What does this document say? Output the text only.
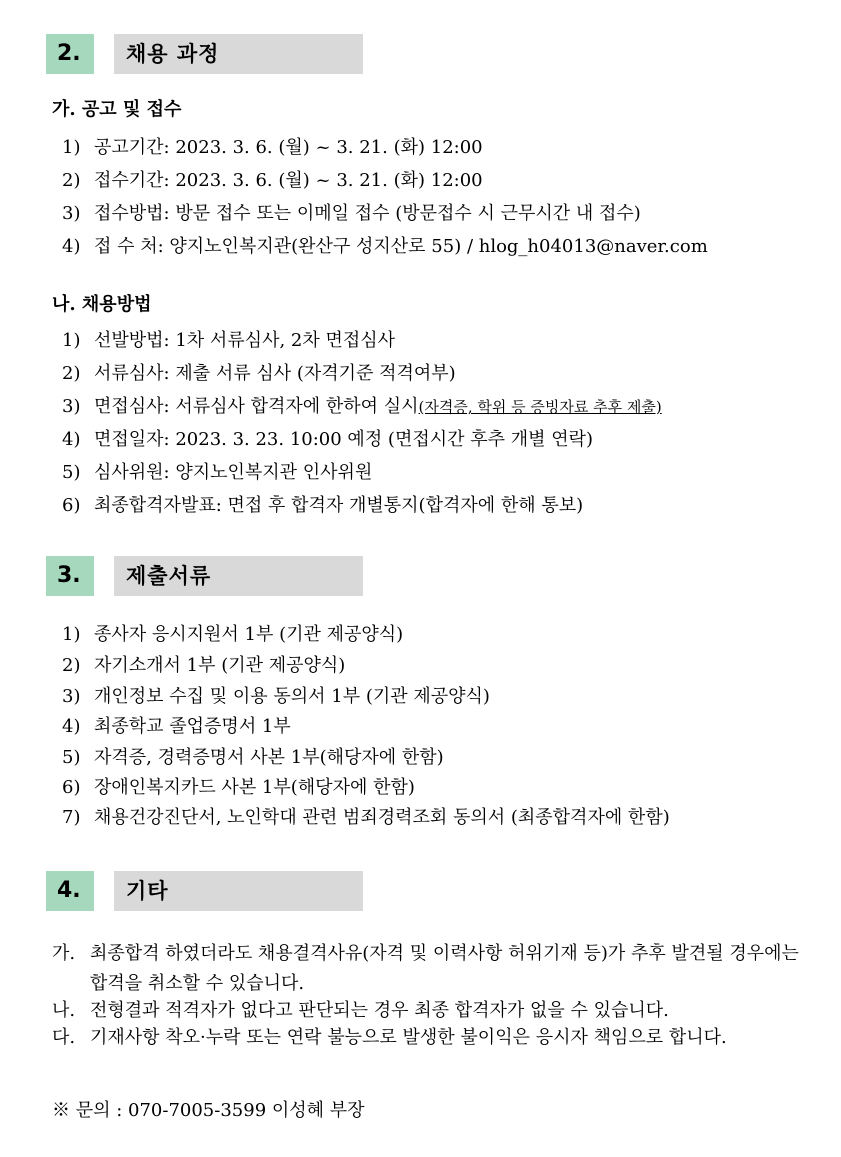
2.	채용 과정
가. 공고 및 접수
1) 공고기간: 2023. 3. 6. (월) ~ 3. 21. (화) 12:00
2) 접수기간: 2023. 3. 6. (월) ~ 3. 21. (화) 12:00
3) 접수방법: 방문 접수 또는 이메일 접수 (방문접수 시 근무시간 내 접수)
4) 접 수 처: 양지노인복지관(완산구 성지산로 55) / hlog_h04013@naver.com
나. 채용방법
1) 선발방법: 1차 서류심사, 2차 면접심사
2) 서류심사: 제출 서류 심사 (자격기준 적격여부)
3) 면접심사: 서류심사 합격자에 한하여 실시(자격증, 학위 등 증빙자료 추후 제출)
4) 면접일자: 2023. 3. 23. 10:00 예정 (면접시간 후추 개별 연락)
5) 심사위원: 양지노인복지관 인사위원
6) 최종합격자발표: 면접 후 합격자 개별통지(합격자에 한해 통보)
3.	제출서류
1) 종사자 응시지원서 1부 (기관 제공양식)
2) 자기소개서 1부 (기관 제공양식)
3) 개인정보 수집 및 이용 동의서 1부 (기관 제공양식)
4) 최종학교 졸업증명서 1부
5) 자격증, 경력증명서 사본 1부(해당자에 한함)
6) 장애인복지카드 사본 1부(해당자에 한함)
7) 채용건강진단서, 노인학대 관련 범죄경력조회 동의서 (최종합격자에 한함)
4.	기타
가. 최종합격 하였더라도 채용결격사유(자격 및 이력사항 허위기재 등)가 추후 발견될 경우에는 합격을 취소할 수 있습니다.
나. 전형결과 적격자가 없다고 판단되는 경우 최종 합격자가 없을 수 있습니다.
다. 기재사항 착오·누락 또는 연락 불능으로 발생한 불이익은 응시자 책임으로 합니다.
※ 문의 : 070-7005-3599 이성혜 부장
